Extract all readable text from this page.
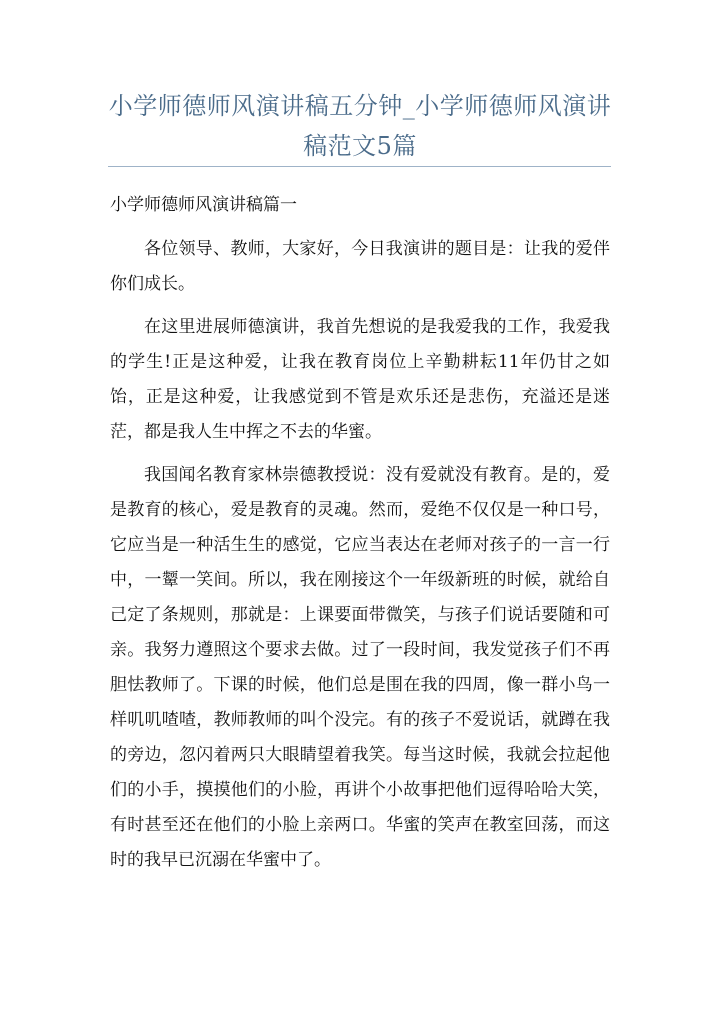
小学师德师风演讲稿五分钟_小学师德师风演讲稿范文5篇
小学师德师风演讲稿篇一

各位领导、教师，大家好，今日我演讲的题目是：让我的爱伴你们成长。

在这里进展师德演讲，我首先想说的是我爱我的工作，我爱我的学生!正是这种爱，让我在教育岗位上辛勤耕耘11年仍甘之如饴，正是这种爱，让我感觉到不管是欢乐还是悲伤，充溢还是迷茫，都是我人生中挥之不去的华蜜。

我国闻名教育家林崇德教授说：没有爱就没有教育。是的，爱是教育的核心，爱是教育的灵魂。然而，爱绝不仅仅是一种口号，它应当是一种活生生的感觉，它应当表达在老师对孩子的一言一行中，一颦一笑间。所以，我在刚接这个一年级新班的时候，就给自己定了条规则，那就是：上课要面带微笑，与孩子们说话要随和可亲。我努力遵照这个要求去做。过了一段时间，我发觉孩子们不再胆怯教师了。下课的时候，他们总是围在我的四周，像一群小鸟一样叽叽喳喳，教师教师的叫个没完。有的孩子不爱说话，就蹲在我的旁边，忽闪着两只大眼睛望着我笑。每当这时候，我就会拉起他们的小手，摸摸他们的小脸，再讲个小故事把他们逗得哈哈大笑，有时甚至还在他们的小脸上亲两口。华蜜的笑声在教室回荡，而这时的我早已沉溺在华蜜中了。
